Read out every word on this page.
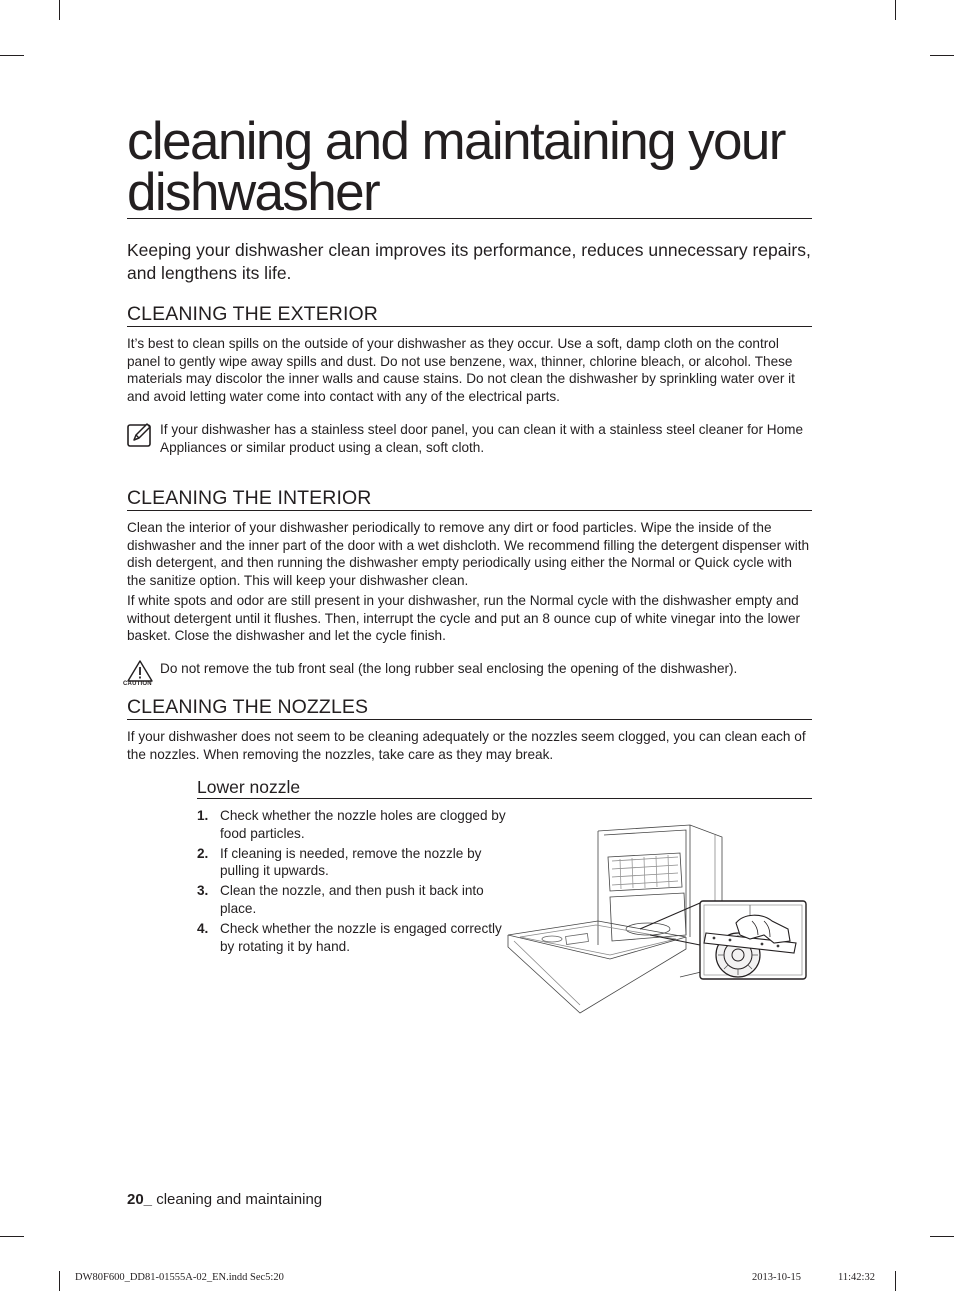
cleaning and maintaining your
dishwasher

Keeping your dishwasher clean improves its performance, reduces unnecessary repairs, and lengthens its life.

CLEANING THE EXTERIOR

It’s best to clean spills on the outside of your dishwasher as they occur. Use a soft, damp cloth on the control panel to gently wipe away spills and dust. Do not use benzene, wax, thinner, chlorine bleach, or alcohol. These materials may discolor the inner walls and cause stains. Do not clean the dishwasher by sprinkling water over it and avoid letting water come into contact with any of the electrical parts.

If your dishwasher has a stainless steel door panel, you can clean it with a stainless steel cleaner for Home Appliances or similar product using a clean, soft cloth.

CLEANING THE INTERIOR

Clean the interior of your dishwasher periodically to remove any dirt or food particles. Wipe the inside of the dishwasher and the inner part of the door with a wet dishcloth. We recommend filling the detergent dispenser with dish detergent, and then running the dishwasher empty periodically using either the Normal or Quick cycle with the sanitize option. This will keep your dishwasher clean.

If white spots and odor are still present in your dishwasher, run the Normal cycle with the dishwasher empty and without detergent until it flushes. Then, interrupt the cycle and put an 8 ounce cup of white vinegar into the lower basket. Close the dishwasher and let the cycle finish.

CAUTION

Do not remove the tub front seal (the long rubber seal enclosing the opening of the dishwasher).

CLEANING THE NOZZLES

If your dishwasher does not seem to be cleaning adequately or the nozzles seem clogged, you can clean each of the nozzles. When removing the nozzles, take care as they may break.

Lower nozzle
1. Check whether the nozzle holes are clogged by food particles.
2. If cleaning is needed, remove the nozzle by pulling it upwards.
3. Clean the nozzle, and then push it back into place.
4. Check whether the nozzle is engaged correctly by rotating it by hand.
20_ cleaning and maintaining
DW80F600_DD81-01555A-02_EN.indd Sec5:20	2013-10-15	11:42:32
